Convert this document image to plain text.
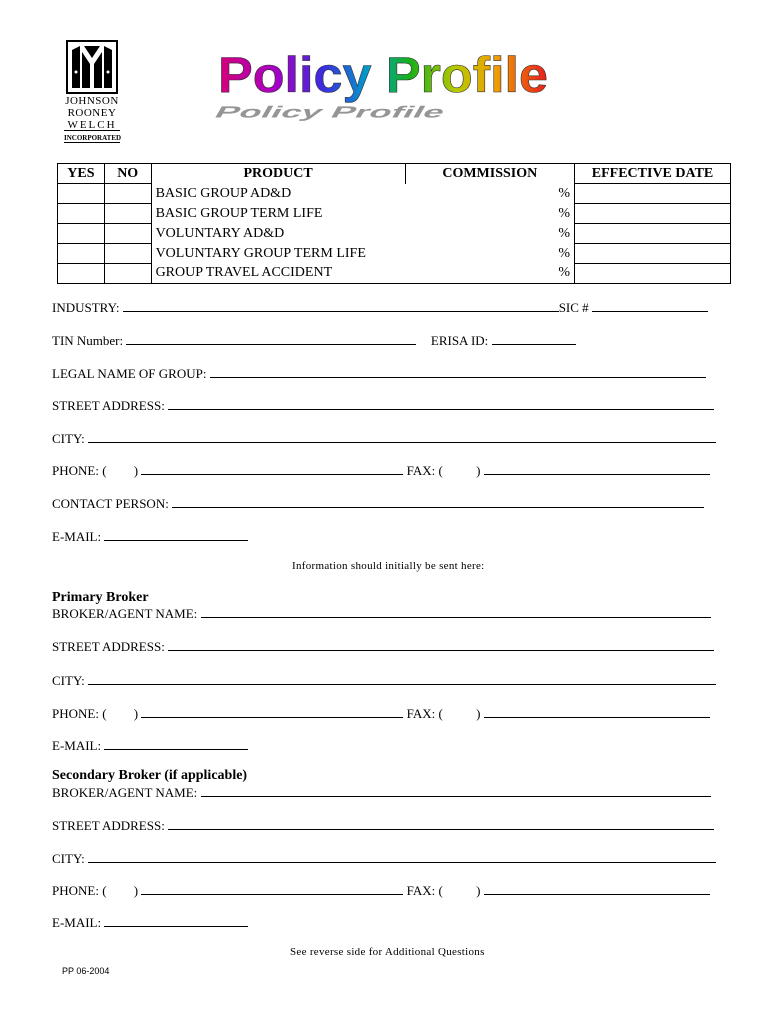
JOHNSON
ROONEY
WELCH
INCORPORATED
Policy Profile
Policy Profile
YES	NO	PRODUCT	COMMISSION	EFFECTIVE DATE
		BASIC GROUP AD&D	%	
		BASIC GROUP TERM LIFE	%	
		VOLUNTARY AD&D	%	
		VOLUNTARY GROUP TERM LIFE	%	
		GROUP TRAVEL ACCIDENT	%	
INDUSTRY:	SIC #
TIN Number:	ERISA ID:
LEGAL NAME OF GROUP:
STREET ADDRESS:
CITY:
PHONE: ( )	FAX: (	)
CONTACT PERSON:
E-MAIL:
Information should initially be sent here:
Primary Broker
BROKER/AGENT NAME:
STREET ADDRESS:
CITY:
PHONE: ( )	FAX: (	)
E-MAIL:
Secondary Broker (if applicable)
BROKER/AGENT NAME:
STREET ADDRESS:
CITY:
PHONE: ( )	FAX: (	)
E-MAIL:
See reverse side for Additional Questions
PP 06-2004
